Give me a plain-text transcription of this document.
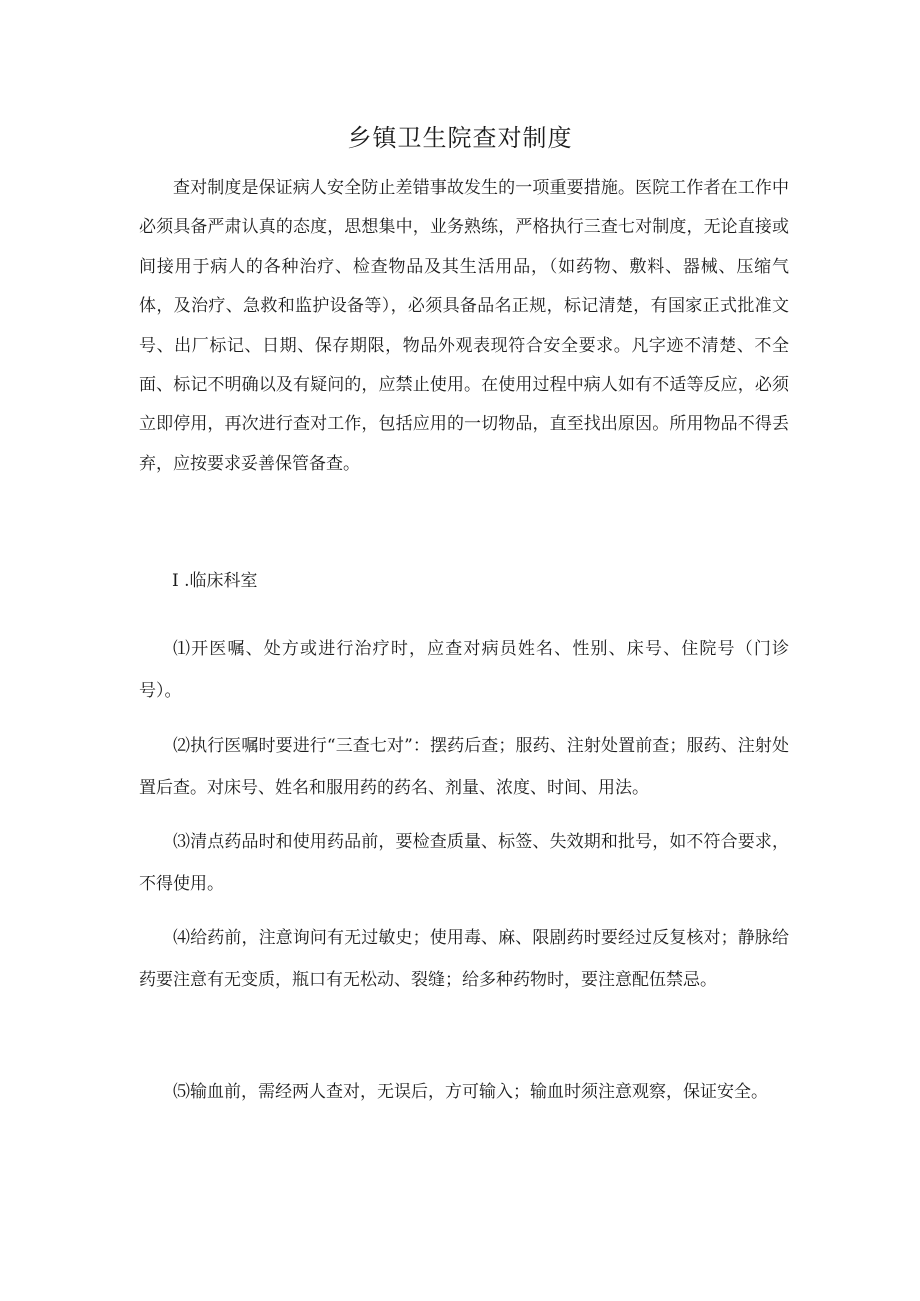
乡镇卫生院查对制度

查对制度是保证病人安全防止差错事故发生的一项重要措施。医院工作者在工作中必须具备严肃认真的态度，思想集中，业务熟练，严格执行三查七对制度，无论直接或间接用于病人的各种治疗、检查物品及其生活用品，（如药物、敷料、器械、压缩气体，及治疗、急救和监护设备等），必须具备品名正规，标记清楚，有国家正式批准文号、出厂标记、日期、保存期限，物品外观表现符合安全要求。凡字迹不清楚、不全面、标记不明确以及有疑问的，应禁止使用。在使用过程中病人如有不适等反应，必须立即停用，再次进行查对工作，包括应用的一切物品，直至找出原因。所用物品不得丢弃，应按要求妥善保管备查。

I .临床科室

⑴开医嘱、处方或进行治疗时，应查对病员姓名、性别、床号、住院号（门诊号）。

⑵执行医嘱时要进行“三查七对”：摆药后查；服药、注射处置前查；服药、注射处置后查。对床号、姓名和服用药的药名、剂量、浓度、时间、用法。

⑶清点药品时和使用药品前，要检查质量、标签、失效期和批号，如不符合要求，不得使用。

⑷给药前，注意询问有无过敏史；使用毒、麻、限剧药时要经过反复核对；静脉给药要注意有无变质，瓶口有无松动、裂缝；给多种药物时，要注意配伍禁忌。

⑸输血前，需经两人查对，无误后，方可输入；输血时须注意观察，保证安全。
